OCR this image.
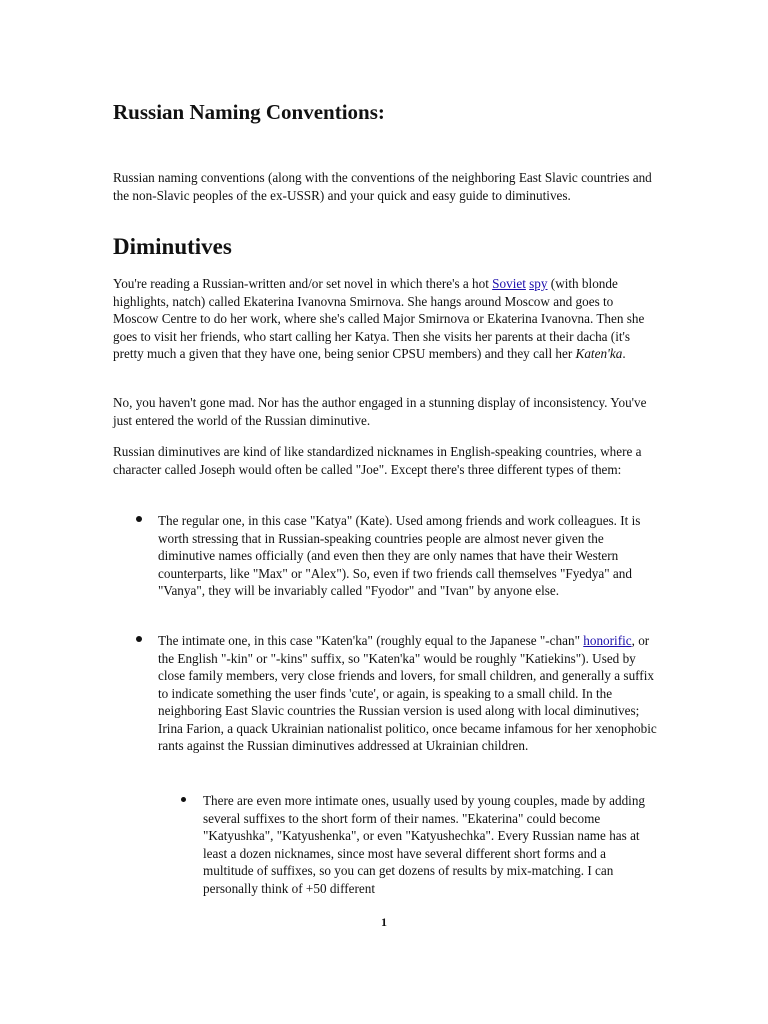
Russian Naming Conventions:

Russian naming conventions (along with the conventions of the neighboring East Slavic countries and the non-Slavic peoples of the ex-USSR) and your quick and easy guide to diminutives.

Diminutives

You're reading a Russian-written and/or set novel in which there's a hot Soviet spy (with blonde highlights, natch) called Ekaterina Ivanovna Smirnova. She hangs around Moscow and goes to Moscow Centre to do her work, where she's called Major Smirnova or Ekaterina Ivanovna. Then she goes to visit her friends, who start calling her Katya. Then she visits her parents at their dacha (it's pretty much a given that they have one, being senior CPSU members) and they call her Katen'ka.

No, you haven't gone mad. Nor has the author engaged in a stunning display of inconsistency. You've just entered the world of the Russian diminutive.

Russian diminutives are kind of like standardized nicknames in English-speaking countries, where a character called Joseph would often be called "Joe". Except there's three different types of them:

The regular one, in this case "Katya" (Kate). Used among friends and work colleagues. It is worth stressing that in Russian-speaking countries people are almost never given the diminutive names officially (and even then they are only names that have their Western counterparts, like "Max" or "Alex"). So, even if two friends call themselves "Fyedya" and "Vanya", they will be invariably called "Fyodor" and "Ivan" by anyone else.
The intimate one, in this case "Katen'ka" (roughly equal to the Japanese "-chan" honorific, or the English "-kin" or "-kins" suffix, so "Katen'ka" would be roughly "Katiekins"). Used by close family members, very close friends and lovers, for small children, and generally a suffix to indicate something the user finds 'cute', or again, is speaking to a small child. In the neighboring East Slavic countries the Russian version is used along with local diminutives; Irina Farion, a quack Ukrainian nationalist politico, once became infamous for her xenophobic rants against the Russian diminutives addressed at Ukrainian children.
There are even more intimate ones, usually used by young couples, made by adding several suffixes to the short form of their names. "Ekaterina" could become "Katyushka", "Katyushenka", or even "Katyushechka". Every Russian name has at least a dozen nicknames, since most have several different short forms and a multitude of suffixes, so you can get dozens of results by mix-matching. I can personally think of +50 different
1
